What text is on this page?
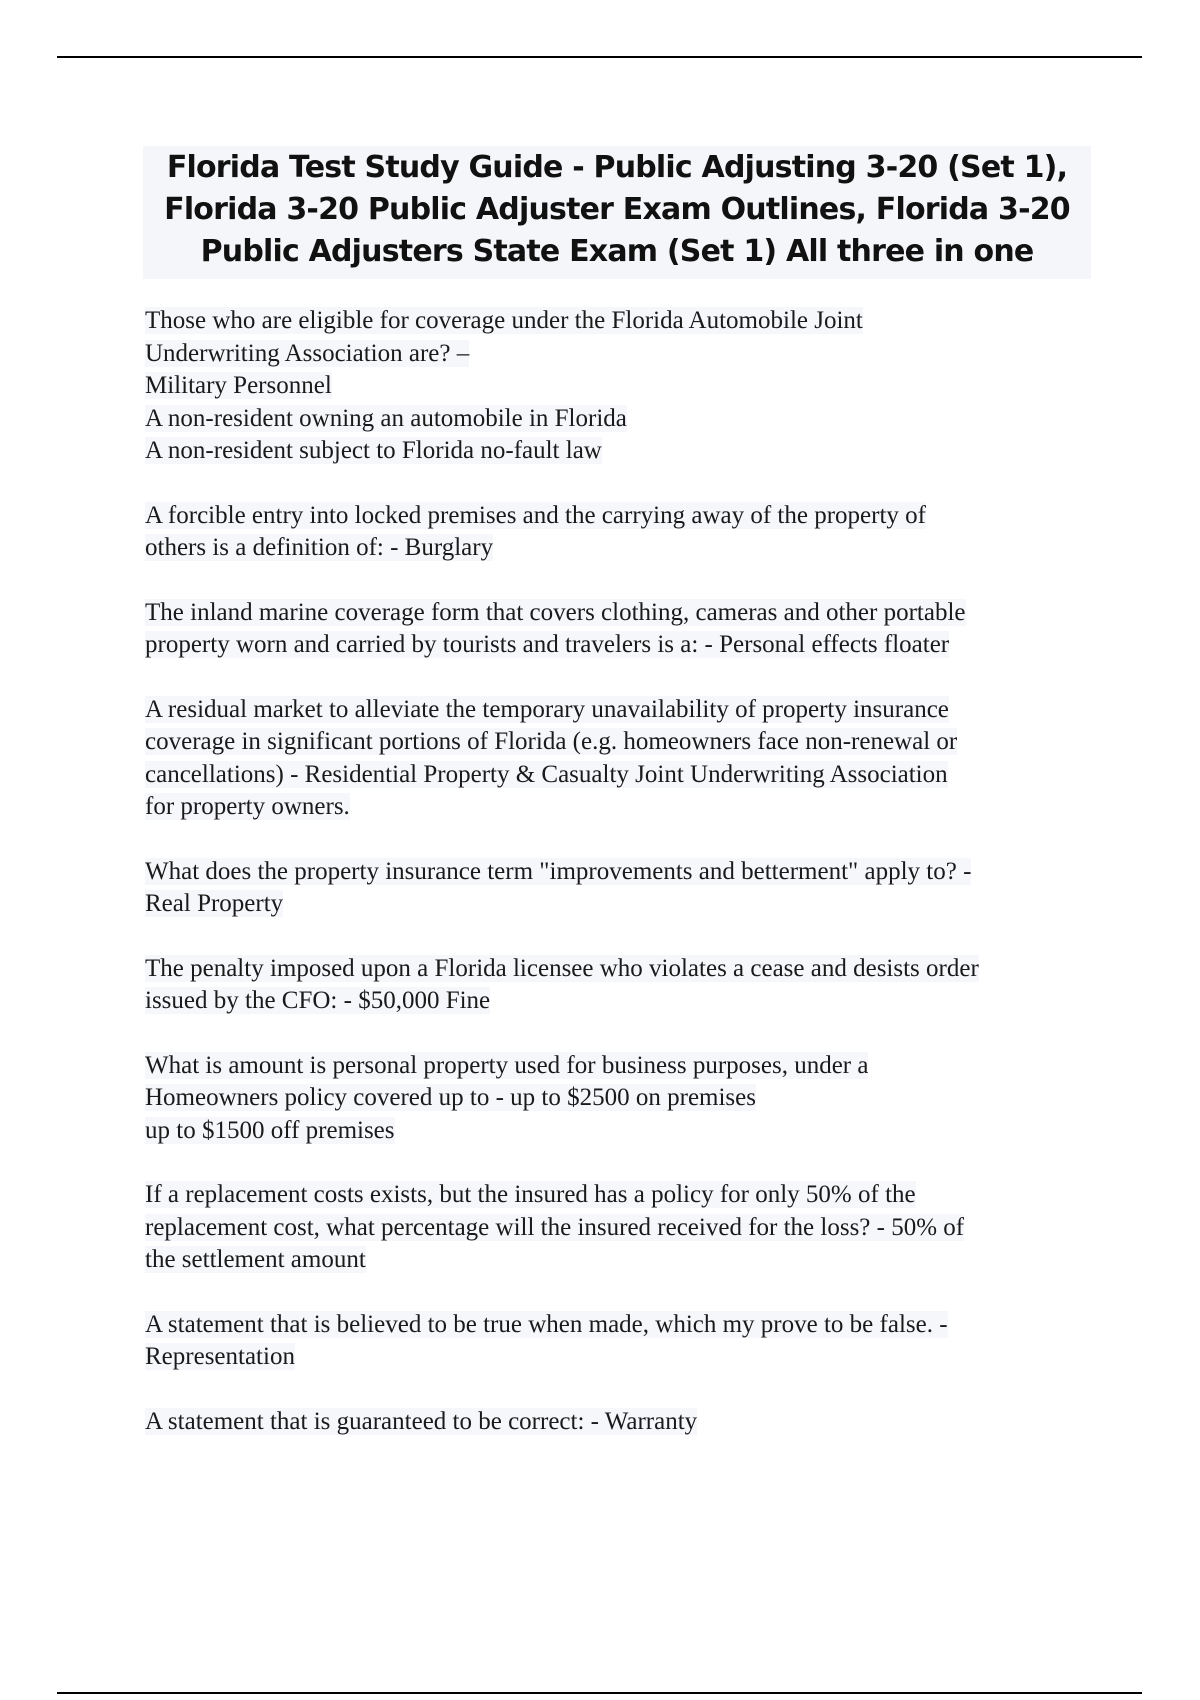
Florida Test Study Guide - Public Adjusting 3-20 (Set 1),
Florida 3-20 Public Adjuster Exam Outlines, Florida 3-20
Public Adjusters State Exam (Set 1) All three in one
Those who are eligible for coverage under the Florida Automobile Joint
Underwriting Association are? –
Military Personnel
A non-resident owning an automobile in Florida
A non-resident subject to Florida no-fault law
A forcible entry into locked premises and the carrying away of the property of
others is a definition of: - Burglary
The inland marine coverage form that covers clothing, cameras and other portable
property worn and carried by tourists and travelers is a: - Personal effects floater
A residual market to alleviate the temporary unavailability of property insurance
coverage in significant portions of Florida (e.g. homeowners face non-renewal or
cancellations) - Residential Property & Casualty Joint Underwriting Association
for property owners.
What does the property insurance term "improvements and betterment" apply to? -
Real Property
The penalty imposed upon a Florida licensee who violates a cease and desists order
issued by the CFO: - $50,000 Fine
What is amount is personal property used for business purposes, under a
Homeowners policy covered up to - up to $2500 on premises
up to $1500 off premises
If a replacement costs exists, but the insured has a policy for only 50% of the
replacement cost, what percentage will the insured received for the loss? - 50% of
the settlement amount
A statement that is believed to be true when made, which my prove to be false. -
Representation
A statement that is guaranteed to be correct: - Warranty
